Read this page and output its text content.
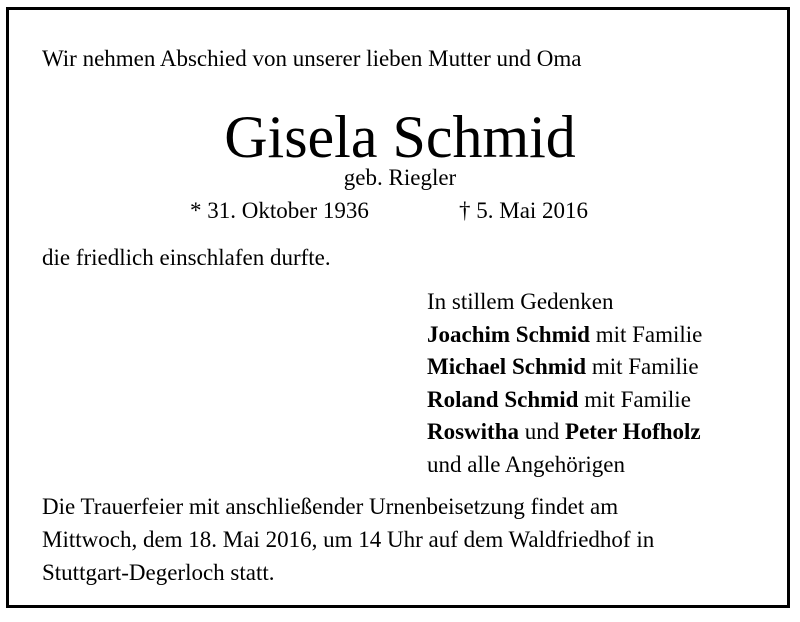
Wir nehmen Abschied von unserer lieben Mutter und Oma
Gisela Schmid
geb. Riegler
* 31. Oktober 1936	† 5. Mai 2016
die friedlich einschlafen durfte.
In stillem Gedenken
Joachim Schmid mit Familie
Michael Schmid mit Familie
Roland Schmid mit Familie
Roswitha und Peter Hofholz
und alle Angehörigen
Die Trauerfeier mit anschließender Urnenbeisetzung findet am
Mittwoch, dem 18. Mai 2016, um 14 Uhr auf dem Waldfriedhof in
Stuttgart-Degerloch statt.
